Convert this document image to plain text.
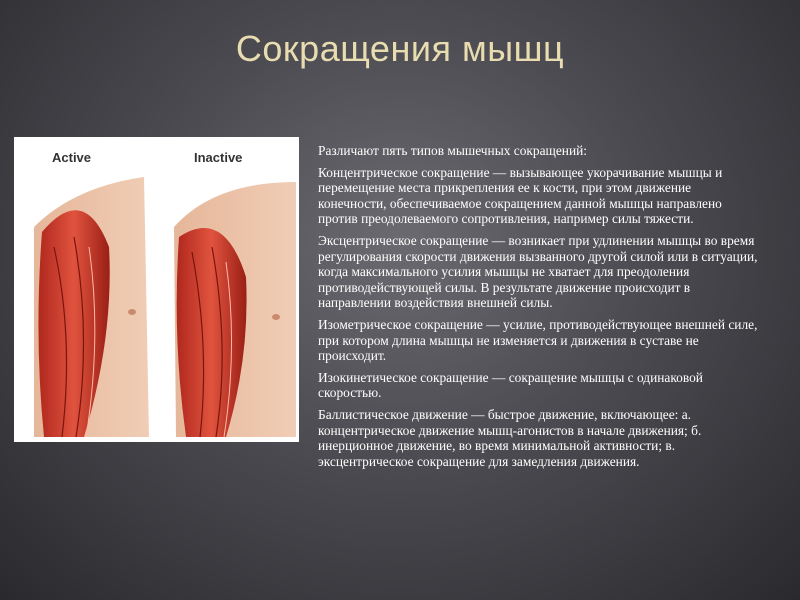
Сокращения мышц
Active	Inactive	Различают пять типов мышечных сокращений:

Концентрическое сокращение — вызывающее укорачивание мышцы и перемещение места прикрепления ее к кости, при этом движение конечности, обеспечиваемое сокращением данной мышцы направлено против преодолеваемого сопротивления, например силы тяжести.

Эксцентрическое сокращение — возникает при удлинении мышцы во время регулирования скорости движения вызванного другой силой или в ситуации, когда максимального усилия мышцы не хватает для преодоления противодействующей силы. В результате движение происходит в направлении воздействия внешней силы.

Изометрическое сокращение — усилие, противодействующее внешней силе, при котором длина мышцы не изменяется и движения в суставе не происходит.

Изокинетическое сокращение — сокращение мышцы с одинаковой скоростью.

Баллистическое движение — быстрое движение, включающее: а. концентрическое движение мышц-агонистов в начале движения; б. инерционное движение, во время минимальной активности; в. эксцентрическое сокращение для замедления движения.
